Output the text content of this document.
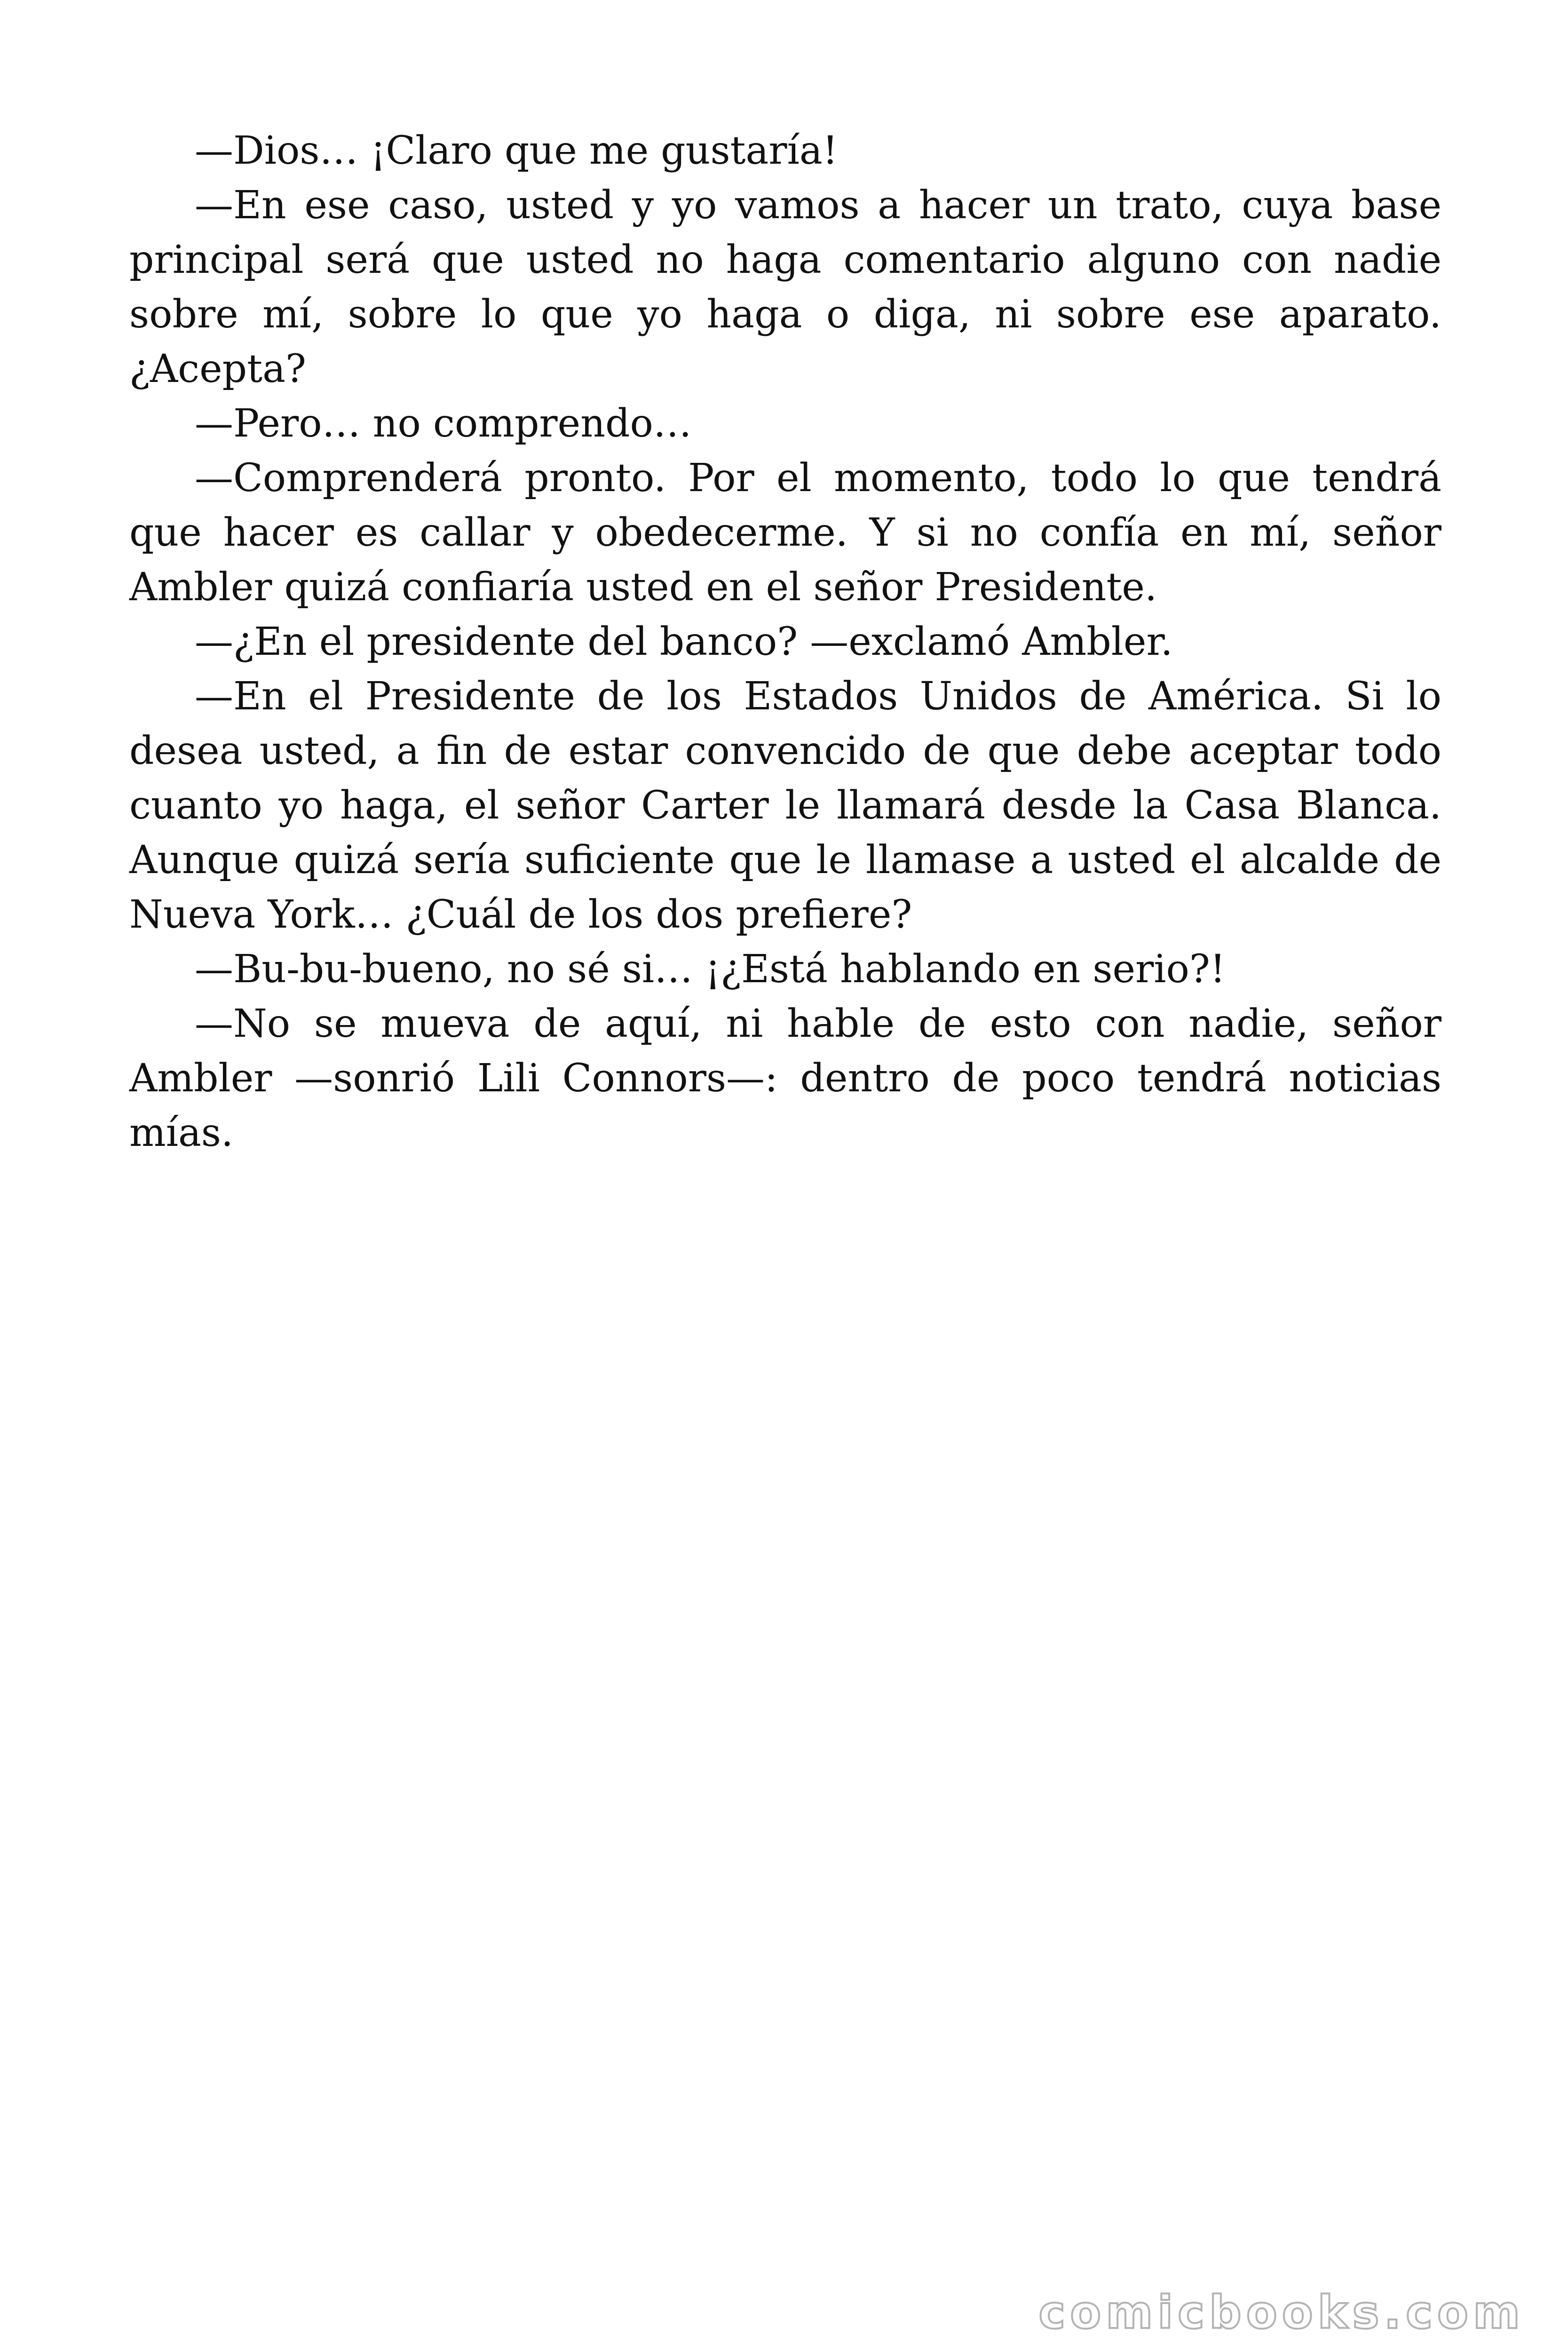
—Dios… ¡Claro que me gustaría!

—En ese caso, usted y yo vamos a hacer un trato, cuya base principal será que usted no haga comentario alguno con nadie sobre mí, sobre lo que yo haga o diga, ni sobre ese aparato. ¿Acepta?

—Pero… no comprendo…

—Comprenderá pronto. Por el momento, todo lo que tendrá que hacer es callar y obedecerme. Y si no confía en mí, señor Ambler quizá confiaría usted en el señor Presidente.

—¿En el presidente del banco? —exclamó Ambler.

—En el Presidente de los Estados Unidos de América. Si lo desea usted, a fin de estar convencido de que debe aceptar todo cuanto yo haga, el señor Carter le llamará desde la Casa Blanca. Aunque quizá sería suficiente que le llamase a usted el alcalde de Nueva York… ¿Cuál de los dos prefiere?

—Bu-bu-bueno, no sé si… ¡¿Está hablando en serio?!

—No se mueva de aquí, ni hable de esto con nadie, señor Ambler —sonrió Lili Connors—: dentro de poco tendrá noticias mías.

comicbooks.com
